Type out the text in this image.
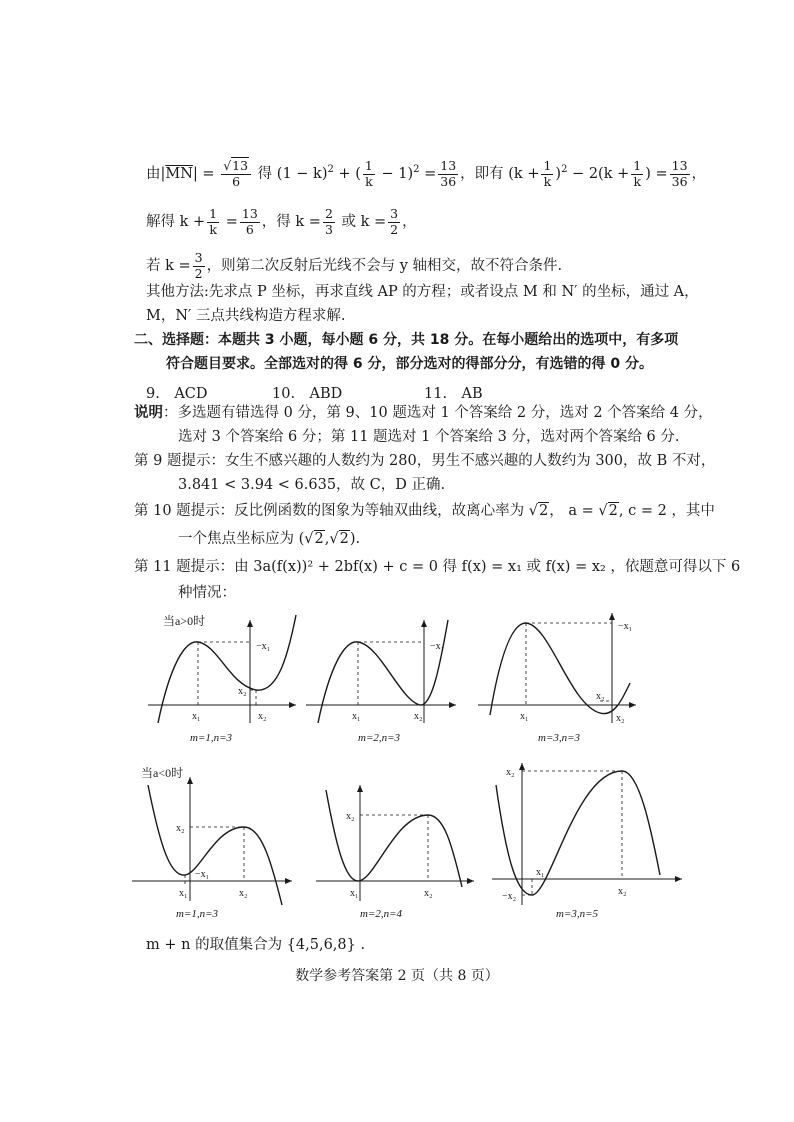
由$|\overline{MN}| = \frac{√13}{6}$ 得 $(1 - k)^2$ + ( $\frac{1}{k} - 1)^2 = \frac{13}{36}$ ，即有 $(k + \frac{1}{k} )^2 - 2(k + \frac{1}{k}$ ) = $\frac{13}{36}$ ，
解得 $k + \frac{1}{k} = \frac{13}{6}$ ，得 $k = \frac{2}{3}$ 或 $k = \frac{3}{2}$ ，
若 $k = \frac{3}{2}$ ，则第二次反射后光线不会与 y 轴相交，故不符合条件.
其他方法:先求点 P 坐标，再求直线 AP 的方程；或者设点 M 和 N′ 的坐标，通过 A，
M，N′ 三点共线构造方程求解.
二、选择题：本题共 3 小题，每小题 6 分，共 18 分。在每小题给出的选项中，有多项
符合题目要求。全部选对的得 6 分，部分选对的得部分分，有选错的得 0 分。
9.　ACD	10.　ABD	11.　AB
说明：多选题有错选得 0 分，第 9、10 题选对 1 个答案给 2 分，选对 2 个答案给 4 分，
选对 3 个答案给 6 分；第 11 题选对 1 个答案给 3 分，选对两个答案给 6 分.
第 9 题提示：女生不感兴趣的人数约为 280，男生不感兴趣的人数约为 300，故 B 不对，
3.841 < 3.94 < 6.635，故 C，D 正确.
第 10 题提示：反比例函数的图象为等轴双曲线，故离心率为 √2， a = √2, c = 2 ，其中
一个焦点坐标应为 (√2,√2).
第 11 题提示：由 3a(f(x))² + 2bf(x) + c = 0 得 f(x) = x₁ 或 f(x) = x₂ ，依题意可得以下 6
种情况：
当a>0时
x₁	x₂
x₂
−x₁
m=1,n=3
x₁	x₂
−x₁
m=2,n=3
x₁
x₂
x₂
−x₁
m=3,n=3
当a<0时
x₁	x₂
x₂
−x₁
m=1,n=3
x₁	x₂
x₂
m=2,n=4
x₁
x₂
x₂
−x₂
m=3,n=5
m + n 的取值集合为 {4,5,6,8} .
数学参考答案第 2 页（共 8 页）
